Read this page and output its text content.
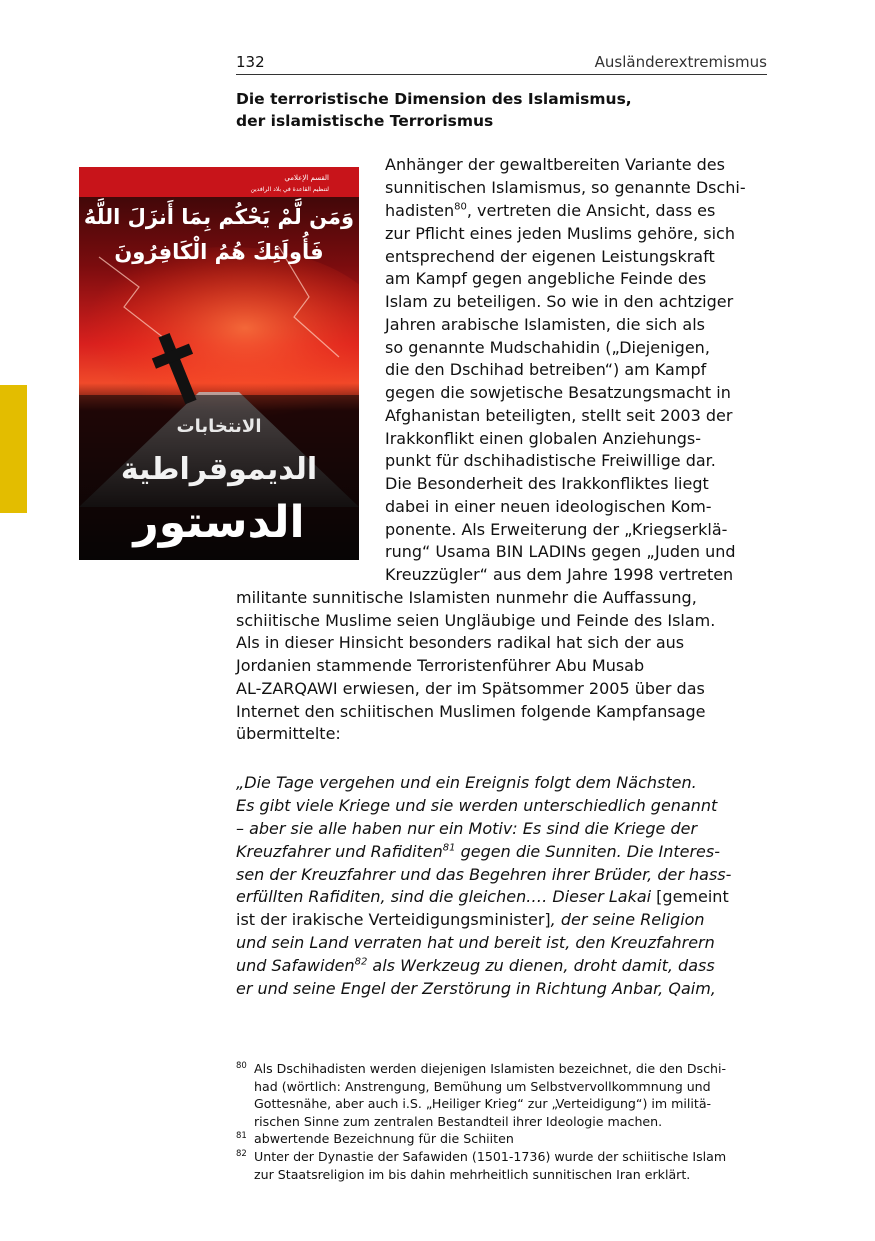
132	Ausländerextremismus
Die terroristische Dimension des Islamismus,
der islamistische Terrorismus
القسم الإعلامي
لتنظيم القاعدة في بلاد الرافدين
وَمَن لَّمْ يَحْكُم بِمَا أَنزَلَ اللَّهُ
فَأُولَئِكَ هُمُ الْكَافِرُونَ
الانتخابات
الديموقراطية
الدستور
Anhänger der gewaltbereiten Variante des
sunnitischen Islamismus, so genannte Dschi-
hadisten$^{80}$, vertreten die Ansicht, dass es
zur Pflicht eines jeden Muslims gehöre, sich
entsprechend der eigenen Leistungskraft
am Kampf gegen angebliche Feinde des
Islam zu beteiligen. So wie in den achtziger
Jahren arabische Islamisten, die sich als
so genannte Mudschahidin („Diejenigen,
die den Dschihad betreiben“) am Kampf
gegen die sowjetische Besatzungsmacht in
Afghanistan beteiligten, stellt seit 2003 der
Irakkonflikt einen globalen Anziehungs-
punkt für dschihadistische Freiwillige dar.
Die Besonderheit des Irakkonfliktes liegt
dabei in einer neuen ideologischen Kom-
ponente. Als Erweiterung der „Kriegserklä-
rung“ Usama BIN LADINs gegen „Juden und
Kreuzzügler“ aus dem Jahre 1998 vertreten
militante sunnitische Islamisten nunmehr die Auffassung,
schiitische Muslime seien Ungläubige und Feinde des Islam.
Als in dieser Hinsicht besonders radikal hat sich der aus
Jordanien stammende Terroristenführer Abu Musab
AL-ZARQAWI erwiesen, der im Spätsommer 2005 über das
Internet den schiitischen Muslimen folgende Kampfansage
übermittelte:
„Die Tage vergehen und ein Ereignis folgt dem Nächsten.
Es gibt viele Kriege und sie werden unterschiedlich genannt
– aber sie alle haben nur ein Motiv: Es sind die Kriege der
Kreuzfahrer und Rafiditen$^{81}$ gegen die Sunniten. Die Interes-
sen der Kreuzfahrer und das Begehren ihrer Brüder, der hass-
erfüllten Rafiditen, sind die gleichen.… Dieser Lakai [gemeint
ist der irakische Verteidigungsminister], der seine Religion
und sein Land verraten hat und bereit ist, den Kreuzfahrern
und Safawiden$^{82}$ als Werkzeug zu dienen, droht damit, dass
er und seine Engel der Zerstörung in Richtung Anbar, Qaim,
80 Als Dschihadisten werden diejenigen Islamisten bezeichnet, die den Dschi-
had (wörtlich: Anstrengung, Bemühung um Selbstvervollkommnung und
Gottesnähe, aber auch i.S. „Heiliger Krieg“ zur „Verteidigung“) im militä-
rischen Sinne zum zentralen Bestandteil ihrer Ideologie machen.
81 abwertende Bezeichnung für die Schiiten
82 Unter der Dynastie der Safawiden (1501-1736) wurde der schiitische Islam
zur Staatsreligion im bis dahin mehrheitlich sunnitischen Iran erklärt.
